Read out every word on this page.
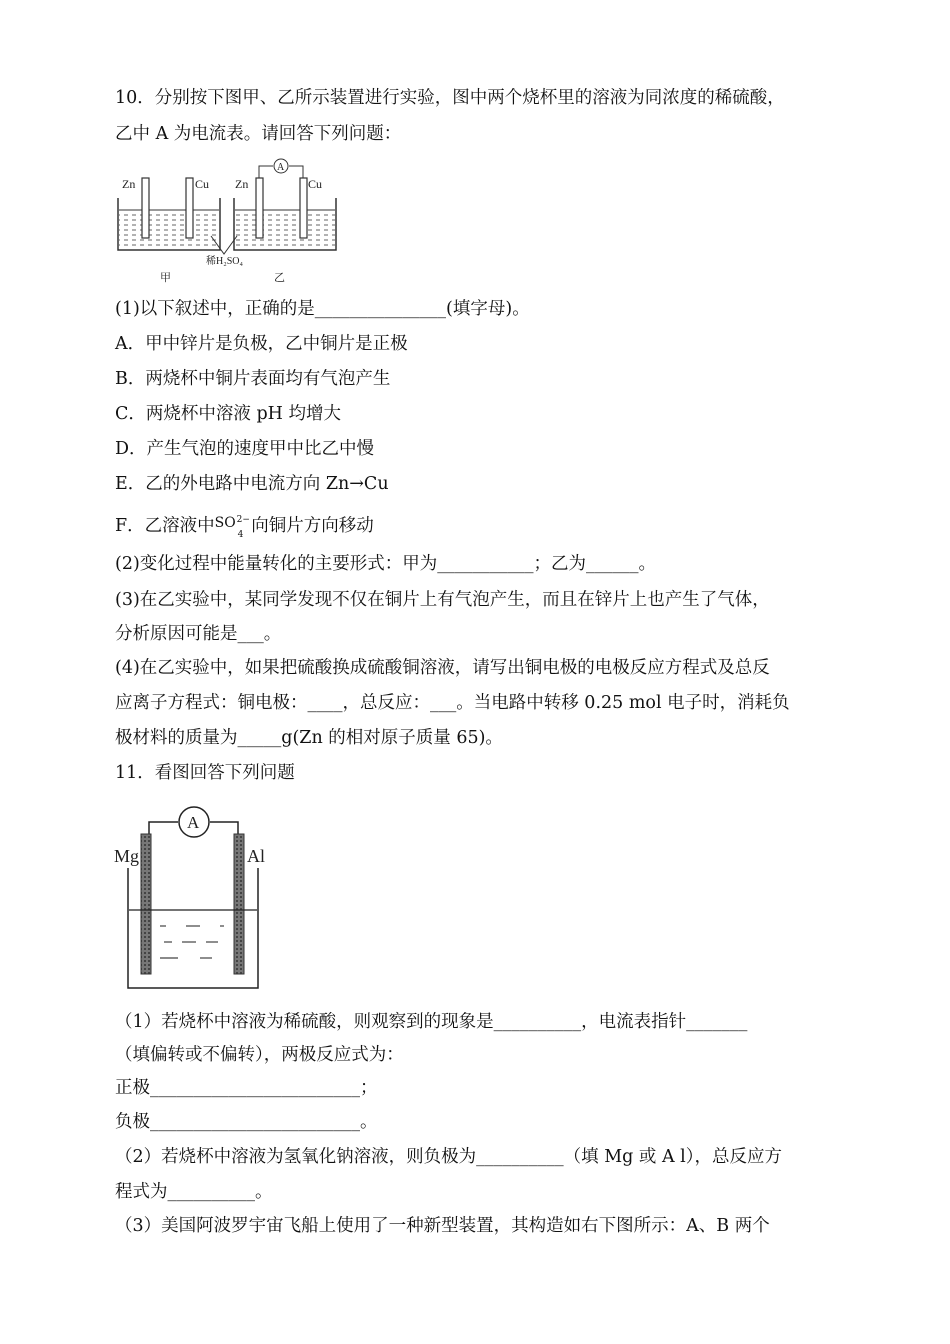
10．分别按下图甲、乙所示装置进行实验，图中两个烧杯里的溶液为同浓度的稀硫酸，
乙中 A 为电流表。请回答下列问题：
Zn	Cu
A
Zn	Cu
稀H₂SO₄
甲	乙
(1)以下叙述中，正确的是_______________(填字母)。
A．甲中锌片是负极，乙中铜片是正极
B．两烧杯中铜片表面均有气泡产生
C．两烧杯中溶液 pH 均增大
D．产生气泡的速度甲中比乙中慢
E．乙的外电路中电流方向 Zn→Cu
F．乙溶液中$^{SO 2- 4}$ 向铜片方向移动
(2)变化过程中能量转化的主要形式：甲为___________；乙为______。
(3)在乙实验中，某同学发现不仅在铜片上有气泡产生，而且在锌片上也产生了气体，
分析原因可能是___。
(4)在乙实验中，如果把硫酸换成硫酸铜溶液，请写出铜电极的电极反应方程式及总反
应离子方程式：铜电极：____，总反应：___。当电路中转移 0.25 mol 电子时，消耗负
极材料的质量为_____g(Zn 的相对原子质量 65)。
11．看图回答下列问题
A
Mg	Al
（1）若烧杯中溶液为稀硫酸，则观察到的现象是__________，电流表指针_______
（填偏转或不偏转），两极反应式为：
正极________________________；
负极________________________。
（2）若烧杯中溶液为氢氧化钠溶液，则负极为__________（填 Mg 或 A l），总反应方
程式为__________。
（3）美国阿波罗宇宙飞船上使用了一种新型装置，其构造如右下图所示：A、B 两个
